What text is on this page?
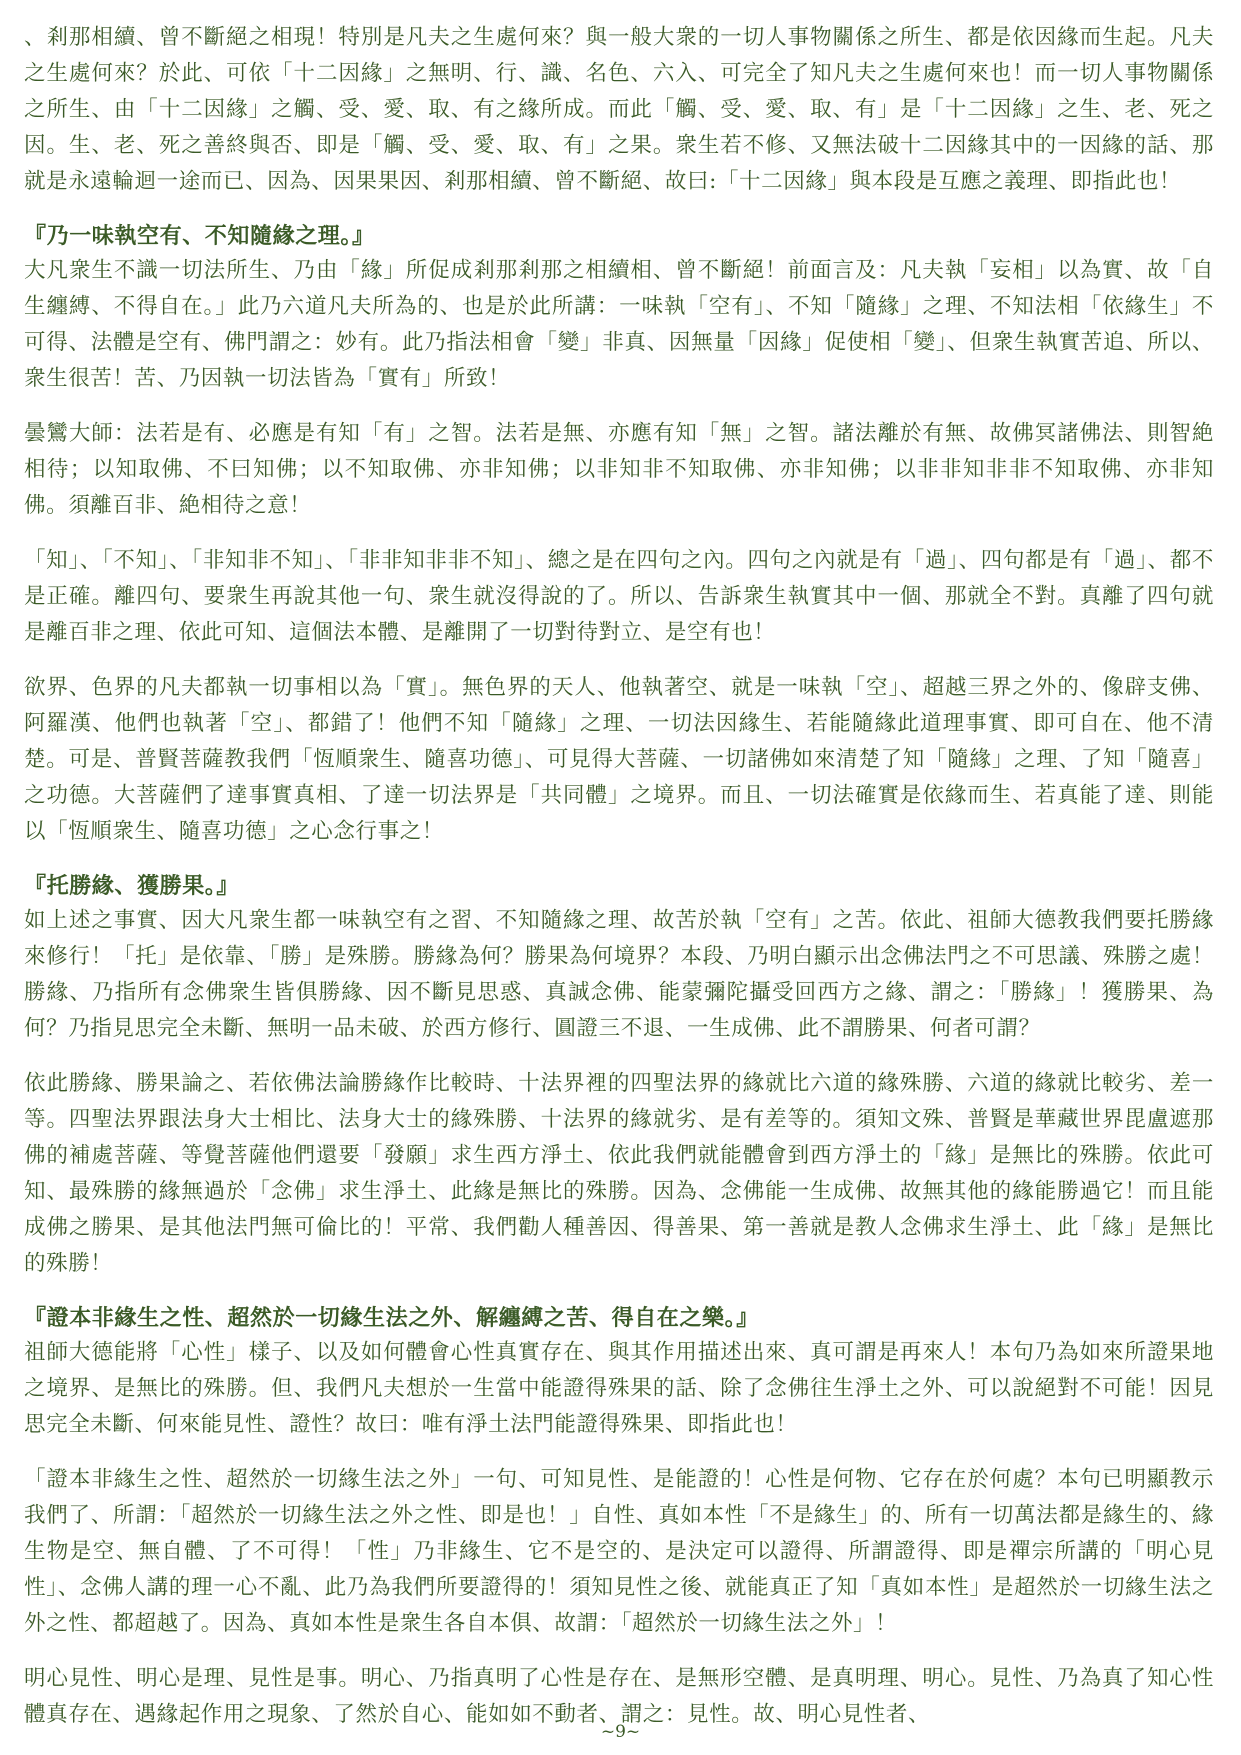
、剎那相續、曾不斷絕之相現！特別是凡夫之生處何來？與一般大衆的一切人事物關係之所生、都是依因緣而生起。凡夫之生處何來？於此、可依「十二因緣」之無明、行、識、名色、六入、可完全了知凡夫之生處何來也！而一切人事物關係之所生、由「十二因緣」之觸、受、愛、取、有之緣所成。而此「觸、受、愛、取、有」是「十二因緣」之生、老、死之因。生、老、死之善終與否、即是「觸、受、愛、取、有」之果。衆生若不修、又無法破十二因緣其中的一因緣的話、那就是永遠輪迴一途而已、因為、因果果因、剎那相續、曾不斷絕、故曰:「十二因緣」與本段是互應之義理、即指此也！

『乃一味執空有、不知隨緣之理。』

大凡衆生不識一切法所生、乃由「緣」所促成剎那剎那之相續相、曾不斷絕！前面言及：凡夫執「妄相」以為實、故「自生纏縛、不得自在。」此乃六道凡夫所為的、也是於此所講：一味執「空有」、不知「隨緣」之理、不知法相「依緣生」不可得、法體是空有、佛門謂之：妙有。此乃指法相會「變」非真、因無量「因緣」促使相「變」、但衆生執實苦追、所以、衆生很苦！苦、乃因執一切法皆為「實有」所致！

曇鸞大師：法若是有、必應是有知「有」之智。法若是無、亦應有知「無」之智。諸法離於有無、故佛冥諸佛法、則智絶相待；以知取佛、不曰知佛；以不知取佛、亦非知佛；以非知非不知取佛、亦非知佛；以非非知非非不知取佛、亦非知佛。須離百非、絶相待之意！

「知」、「不知」、「非知非不知」、「非非知非非不知」、總之是在四句之內。四句之內就是有「過」、四句都是有「過」、都不是正確。離四句、要衆生再說其他一句、衆生就沒得說的了。所以、告訴衆生執實其中一個、那就全不對。真離了四句就是離百非之理、依此可知、這個法本體、是離開了一切對待對立、是空有也！

欲界、色界的凡夫都執一切事相以為「實」。無色界的天人、他執著空、就是一味執「空」、超越三界之外的、像辟支佛、阿羅漢、他們也執著「空」、都錯了！他們不知「隨緣」之理、一切法因緣生、若能隨緣此道理事實、即可自在、他不清楚。可是、普賢菩薩教我們「恆順衆生、隨喜功德」、可見得大菩薩、一切諸佛如來清楚了知「隨緣」之理、了知「隨喜」之功德。大菩薩們了達事實真相、了達一切法界是「共同體」之境界。而且、一切法確實是依緣而生、若真能了達、則能以「恆順衆生、隨喜功德」之心念行事之！

『托勝緣、獲勝果。』

如上述之事實、因大凡衆生都一味執空有之習、不知隨緣之理、故苦於執「空有」之苦。依此、祖師大德教我們要托勝緣來修行！「托」是依靠、「勝」是殊勝。勝緣為何？勝果為何境界？本段、乃明白顯示出念佛法門之不可思議、殊勝之處！勝緣、乃指所有念佛衆生皆俱勝緣、因不斷見思惑、真誠念佛、能蒙彌陀攝受回西方之緣、謂之：「勝緣」！獲勝果、為何？乃指見思完全未斷、無明一品未破、於西方修行、圓證三不退、一生成佛、此不謂勝果、何者可謂？

依此勝緣、勝果論之、若依佛法論勝緣作比較時、十法界裡的四聖法界的緣就比六道的緣殊勝、六道的緣就比較劣、差一等。四聖法界跟法身大士相比、法身大士的緣殊勝、十法界的緣就劣、是有差等的。須知文殊、普賢是華藏世界毘盧遮那佛的補處菩薩、等覺菩薩他們還要「發願」求生西方淨土、依此我們就能體會到西方淨土的「緣」是無比的殊勝。依此可知、最殊勝的緣無過於「念佛」求生淨土、此緣是無比的殊勝。因為、念佛能一生成佛、故無其他的緣能勝過它！而且能成佛之勝果、是其他法門無可倫比的！平常、我們勸人種善因、得善果、第一善就是教人念佛求生淨土、此「緣」是無比的殊勝！

『證本非緣生之性、超然於一切緣生法之外、解纏縛之苦、得自在之樂。』

祖師大德能將「心性」樣子、以及如何體會心性真實存在、與其作用描述出來、真可謂是再來人！本句乃為如來所證果地之境界、是無比的殊勝。但、我們凡夫想於一生當中能證得殊果的話、除了念佛往生淨土之外、可以說絕對不可能！因見思完全未斷、何來能見性、證性？故曰：唯有淨土法門能證得殊果、即指此也！

「證本非緣生之性、超然於一切緣生法之外」一句、可知見性、是能證的！心性是何物、它存在於何處？本句已明顯教示我們了、所謂：「超然於一切緣生法之外之性、即是也！」自性、真如本性「不是緣生」的、所有一切萬法都是緣生的、緣生物是空、無自體、了不可得！「性」乃非緣生、它不是空的、是決定可以證得、所謂證得、即是禪宗所講的「明心見性」、念佛人講的理一心不亂、此乃為我們所要證得的！須知見性之後、就能真正了知「真如本性」是超然於一切緣生法之外之性、都超越了。因為、真如本性是衆生各自本俱、故謂：「超然於一切緣生法之外」！

明心見性、明心是理、見性是事。明心、乃指真明了心性是存在、是無形空體、是真明理、明心。見性、乃為真了知心性體真存在、遇緣起作用之現象、了然於自心、能如如不動者、謂之：見性。故、明心見性者、

~9~
